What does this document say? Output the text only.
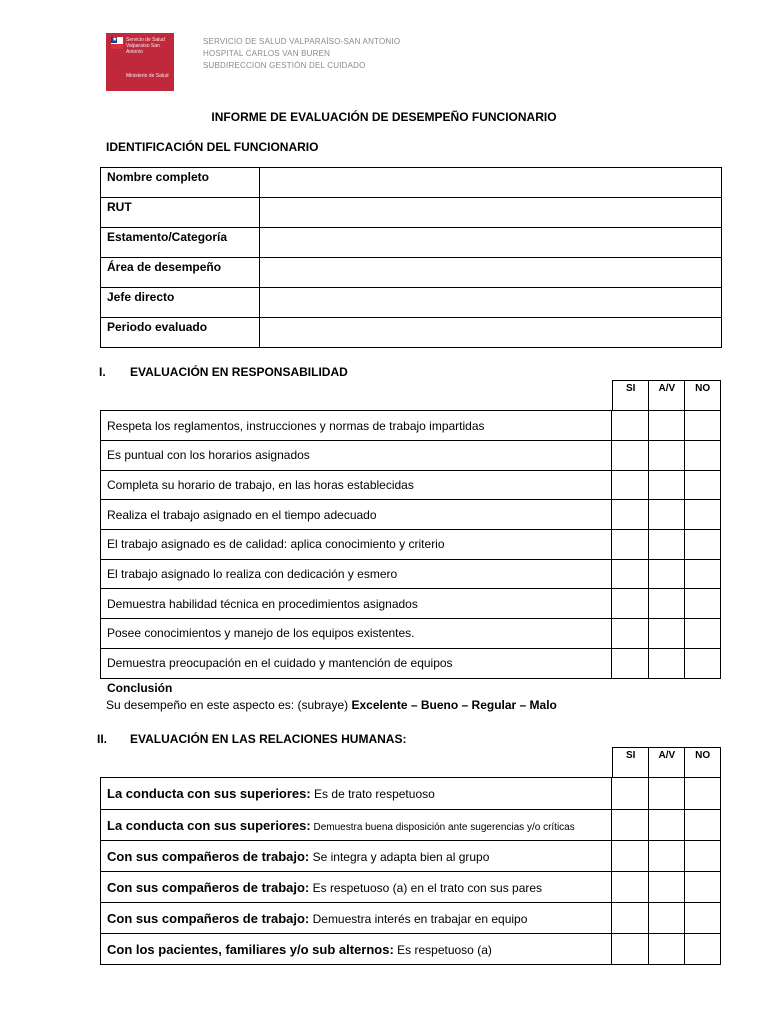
★ Servicio de Salud Valparaíso San Antonio
Ministerio de Salud
SERVICIO DE SALUD VALPARAÍSO-SAN ANTONIO
HOSPITAL CARLOS VAN BUREN
SUBDIRECCION GESTIÓN DEL CUIDADO
INFORME DE EVALUACIÓN DE DESEMPEÑO FUNCIONARIO
IDENTIFICACIÓN DEL FUNCIONARIO
Nombre completo	
RUT	
Estamento/Categoría	
Área de desempeño	
Jefe directo	
Periodo evaluado	
I. EVALUACIÓN EN RESPONSABILIDAD
SI	A/V	NO
Respeta los reglamentos, instrucciones y normas de trabajo impartidas			
Es puntual con los horarios asignados			
Completa su horario de trabajo, en las horas establecidas			
Realiza el trabajo asignado en el tiempo adecuado			
El trabajo asignado es de calidad: aplica conocimiento y criterio			
El trabajo asignado lo realiza con dedicación y esmero			
Demuestra habilidad técnica en procedimientos asignados			
Posee conocimientos y manejo de los equipos existentes.			
Demuestra preocupación en el cuidado y mantención de equipos			
Conclusión
Su desempeño en este aspecto es: (subraye) Excelente – Bueno – Regular – Malo
II. EVALUACIÓN EN LAS RELACIONES HUMANAS:
SI	A/V	NO
La conducta con sus superiores: Es de trato respetuoso			
La conducta con sus superiores: Demuestra buena disposición ante sugerencias y/o críticas			
Con sus compañeros de trabajo: Se integra y adapta bien al grupo			
Con sus compañeros de trabajo: Es respetuoso (a) en el trato con sus pares			
Con sus compañeros de trabajo: Demuestra interés en trabajar en equipo			
Con los pacientes, familiares y/o sub alternos: Es respetuoso (a)			
